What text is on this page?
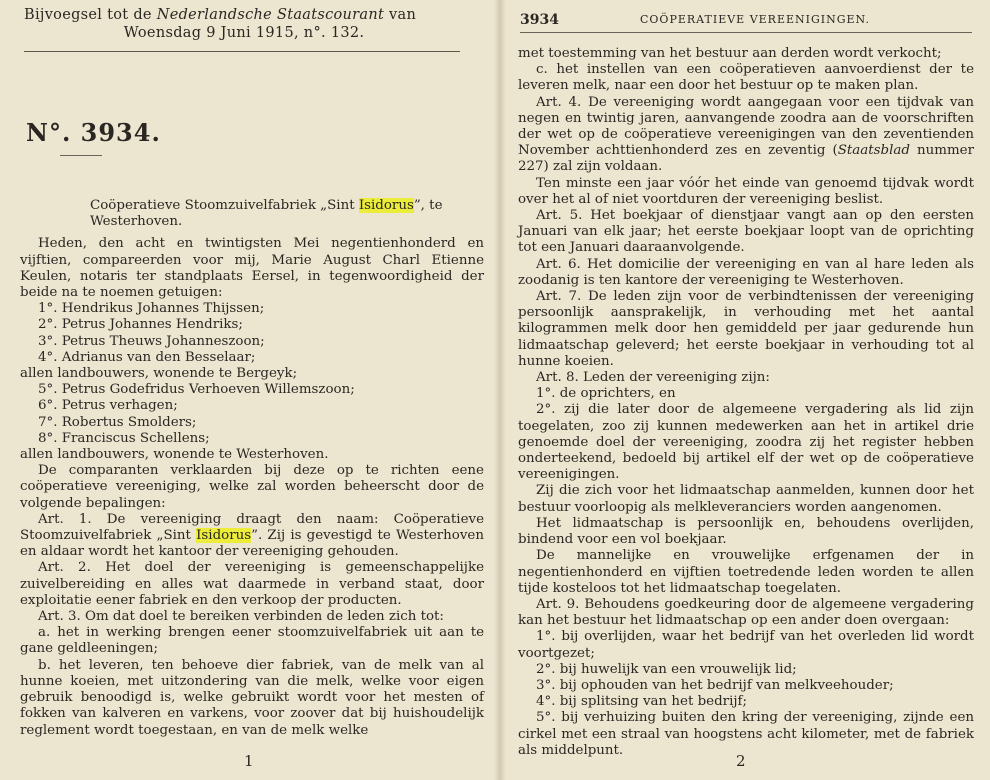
Bijvoegsel tot de Nederlandsche Staatscourant van
Woensdag 9 Juni 1915, n°. 132.
N°. 3934.

Coöperatieve Stoomzuivelfabriek „Sint Isidorus”, te

Westerhoven.

Heden, den acht en twintigsten Mei negentienhonderd en vijftien, compareerden voor mij, Marie August Charl Etienne Keulen, notaris ter standplaats Eersel, in tegenwoordigheid der beide na te noemen getuigen:

1°. Hendrikus Johannes Thijssen;

2°. Petrus Johannes Hendriks;

3°. Petrus Theuws Johanneszoon;

4°. Adrianus van den Besselaar;

allen landbouwers, wonende te Bergeyk;

5°. Petrus Godefridus Verhoeven Willemszoon;

6°. Petrus verhagen;

7°. Robertus Smolders;

8°. Franciscus Schellens;

allen landbouwers, wonende te Westerhoven.

De comparanten verklaarden bij deze op te richten eene coöperatieve vereeniging, welke zal worden beheerscht door de volgende bepalingen:

Art. 1. De vereeniging draagt den naam: Coöperatieve Stoomzuivelfabriek „Sint Isidorus”. Zij is gevestigd te Westerhoven en aldaar wordt het kantoor der vereeniging gehouden.

Art. 2. Het doel der vereeniging is gemeenschappelijke zuivelbereiding en alles wat daarmede in verband staat, door exploitatie eener fabriek en den verkoop der producten.

Art. 3. Om dat doel te bereiken verbinden de leden zich tot:

a. het in werking brengen eener stoomzuivelfabriek uit aan te gane geldleeningen;

b. het leveren, ten behoeve dier fabriek, van de melk van al hunne koeien, met uitzondering van die melk, welke voor eigen gebruik benoodigd is, welke gebruikt wordt voor het mesten of fokken van kalveren en varkens, voor zoover dat bij huishoudelijk reglement wordt toegestaan, en van de melk welke

1
3934	COÖPERATIEVE VEREENIGINGEN.

met toestemming van het bestuur aan derden wordt verkocht;

c. het instellen van een coöperatieven aanvoerdienst der te leveren melk, naar een door het bestuur op te maken plan.

Art. 4. De vereeniging wordt aangegaan voor een tijdvak van negen en twintig jaren, aanvangende zoodra aan de voorschriften der wet op de coöperatieve vereenigingen van den zeventienden November achttienhonderd zes en zeventig (Staatsblad nummer 227) zal zijn voldaan.

Ten minste een jaar vóór het einde van genoemd tijdvak wordt over het al of niet voortduren der vereeniging beslist.

Art. 5. Het boekjaar of dienstjaar vangt aan op den eersten Januari van elk jaar; het eerste boekjaar loopt van de oprichting tot een Januari daaraanvolgende.

Art. 6. Het domicilie der vereeniging en van al hare leden als zoodanig is ten kantore der vereeniging te Westerhoven.

Art. 7. De leden zijn voor de verbindtenissen der vereeniging persoonlijk aansprakelijk, in verhouding met het aantal kilogrammen melk door hen gemiddeld per jaar gedurende hun lidmaatschap geleverd; het eerste boekjaar in verhouding tot al hunne koeien.

Art. 8. Leden der vereeniging zijn:

1°. de oprichters, en

2°. zij die later door de algemeene vergadering als lid zijn toegelaten, zoo zij kunnen medewerken aan het in artikel drie genoemde doel der vereeniging, zoodra zij het register hebben onderteekend, bedoeld bij artikel elf der wet op de coöperatieve vereenigingen.

Zij die zich voor het lidmaatschap aanmelden, kunnen door het bestuur voorloopig als melkleveranciers worden aangenomen.

Het lidmaatschap is persoonlijk en, behoudens overlijden, bindend voor een vol boekjaar.

De mannelijke en vrouwelijke erfgenamen der in negentienhonderd en vijftien toetredende leden worden te allen tijde kosteloos tot het lidmaatschap toegelaten.

Art. 9. Behoudens goedkeuring door de algemeene vergadering kan het bestuur het lidmaatschap op een ander doen overgaan:

1°. bij overlijden, waar het bedrijf van het overleden lid wordt voortgezet;

2°. bij huwelijk van een vrouwelijk lid;

3°. bij ophouden van het bedrijf van melkveehouder;

4°. bij splitsing van het bedrijf;

5°. bij verhuizing buiten den kring der vereeniging, zijnde een cirkel met een straal van hoogstens acht kilometer, met de fabriek als middelpunt.

2
